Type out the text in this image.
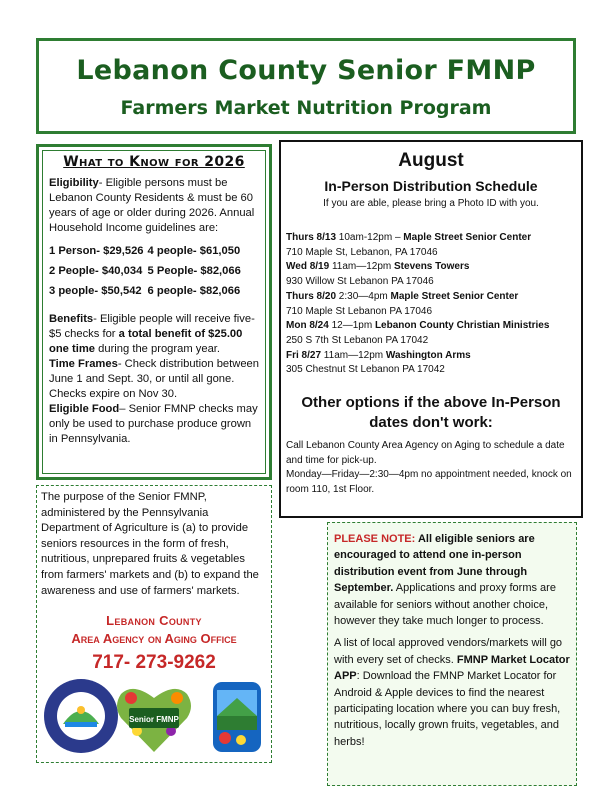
Lebanon County Senior FMNP
Farmers Market Nutrition Program
What to Know for 2026

Eligibility- Eligible persons must be Lebanon County Residents & must be 60 years of age or older during 2026. Annual Household Income guidelines are:

1 Person- $29,526	4 people- $61,050
2 People- $40,034	5 People- $82,066
3 people- $50,542	6 people- $82,066

Benefits- Eligible people will receive five- $5 checks for a total benefit of $25.00 one time during the program year.

Time Frames- Check distribution between June 1 and Sept. 30, or until all gone. Checks expire on Nov 30.

Eligible Food– Senior FMNP checks may only be used to purchase produce grown in Pennsylvania.

August
In-Person Distribution Schedule
If you are able, please bring a Photo ID with you.
Thurs 8/13 10am-12pm – Maple Street Senior Center
710 Maple St, Lebanon, PA 17046
Wed 8/19 11am—12pm Stevens Towers
930 Willow St Lebanon PA 17046
Thurs 8/20 2:30—4pm Maple Street Senior Center
710 Maple St Lebanon PA 17046
Mon 8/24 12—1pm Lebanon County Christian Ministries
250 S 7th St Lebanon PA 17042
Fri 8/27 11am—12pm Washington Arms
305 Chestnut St Lebanon PA 17042
Other options if the above In-Person dates don't work:
Call Lebanon County Area Agency on Aging to schedule a date and time for pick-up.
Monday—Friday—2:30—4pm no appointment needed, knock on room 110, 1st Floor.
The purpose of the Senior FMNP, administered by the Pennsylvania Department of Agriculture is (a) to provide seniors resources in the form of fresh, nutritious, unprepared fruits & vegetables from farmers' markets and (b) to expand the awareness and use of farmers' markets.
Lebanon County
Area Agency on Aging Office
717- 273-9262
Senior FMNP

PLEASE NOTE: All eligible seniors are encouraged to attend one in-person distribution event from June through September. Applications and proxy forms are available for seniors without another choice, however they take much longer to process.

A list of local approved vendors/markets will go with every set of checks. FMNP Market Locator APP: Download the FMNP Market Locator for Android & Apple devices to find the nearest participating location where you can buy fresh, nutritious, locally grown fruits, vegetables, and herbs!
